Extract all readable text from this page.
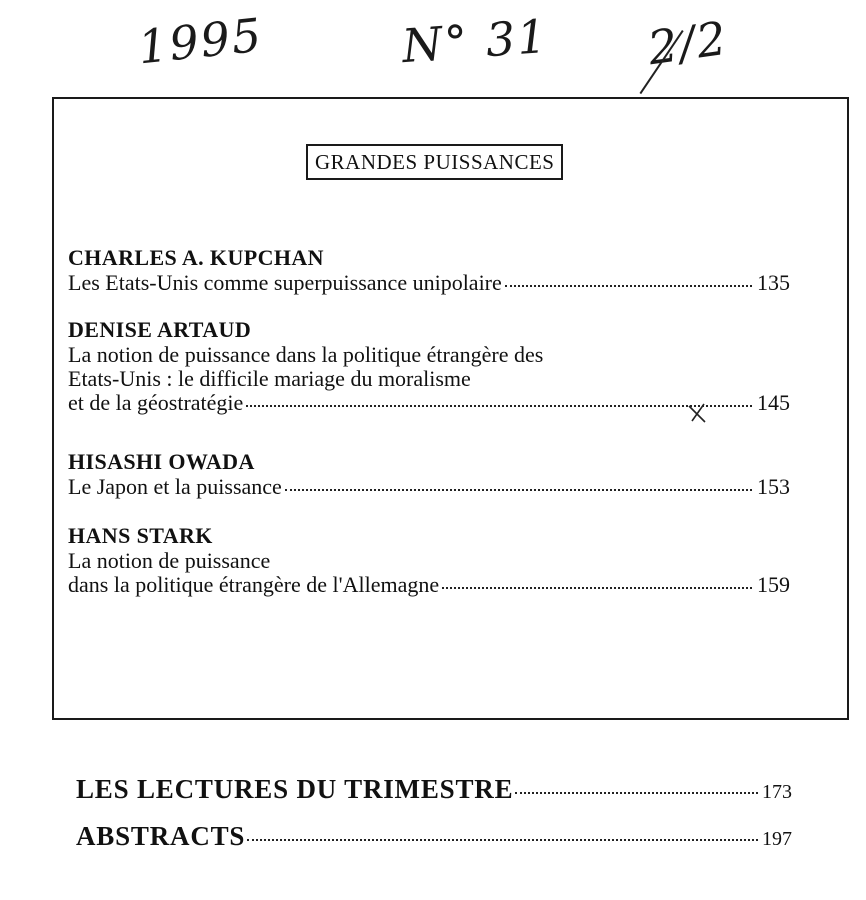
1995	N° 31 2/2
GRANDES PUISSANCES
CHARLES A. KUPCHAN
Les Etats-Unis comme superpuissance unipolaire	135
DENISE ARTAUD
La notion de puissance dans la politique étrangère des
Etats-Unis : le difficile mariage du moralisme
et de la géostratégie	145
HISASHI OWADA
Le Japon et la puissance	153
HANS STARK
La notion de puissance
dans la politique étrangère de l'Allemagne	159
LES LECTURES DU TRIMESTRE	173
ABSTRACTS	197
